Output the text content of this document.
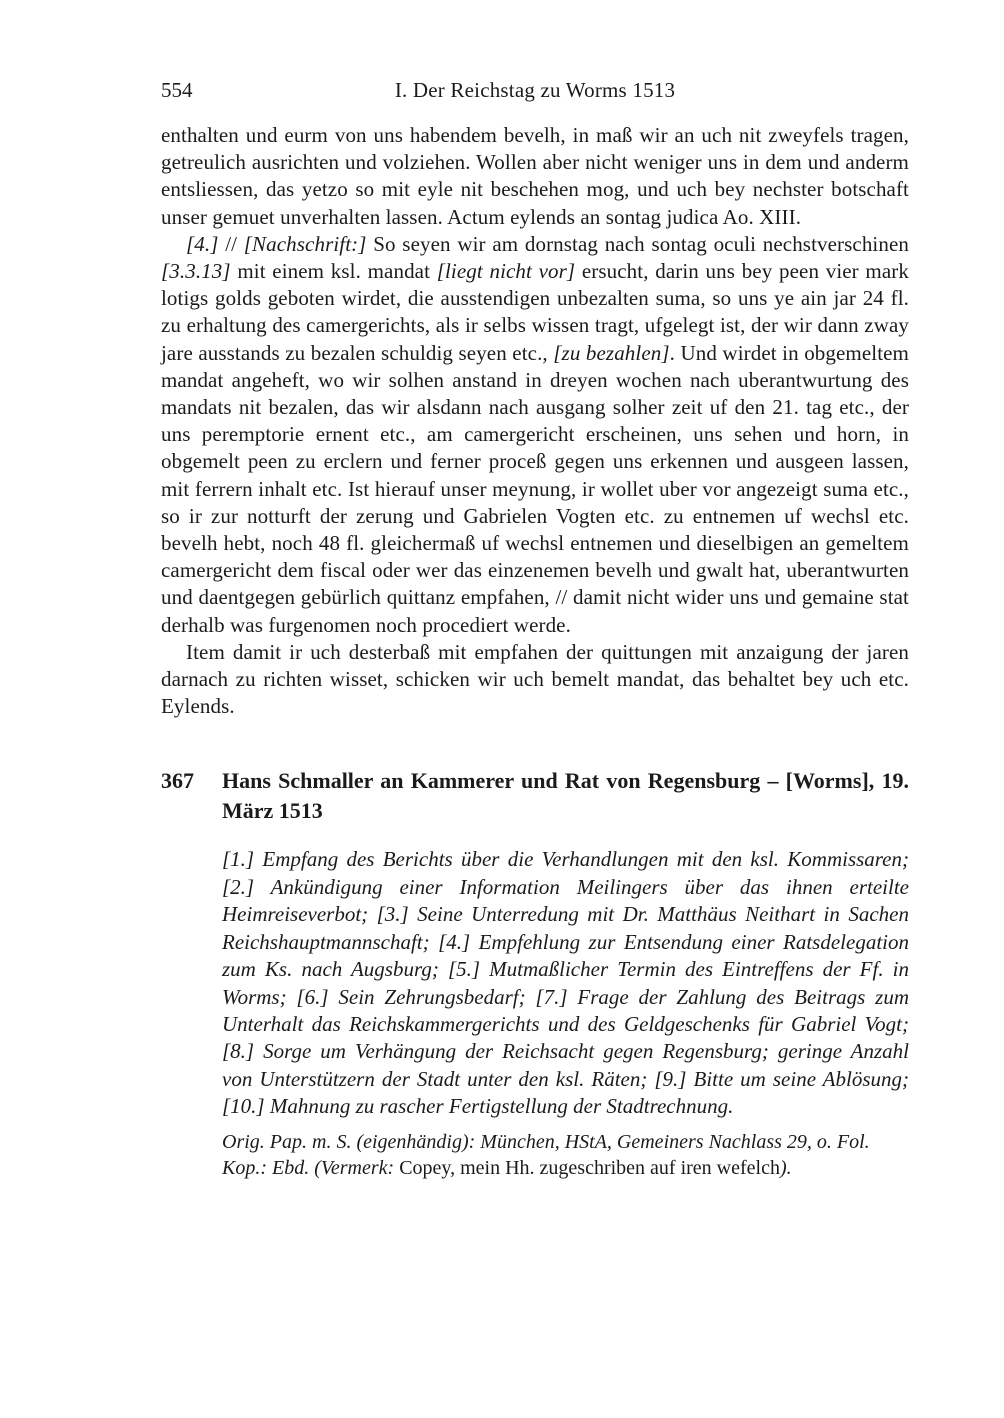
554	I. Der Reichstag zu Worms 1513

enthalten und eurm von uns habendem bevelh, in maß wir an uch nit zweyfels tragen, getreulich ausrichten und volziehen. Wollen aber nicht weniger uns in dem und anderm entsliessen, das yetzo so mit eyle nit beschehen mog, und uch bey nechster botschaft unser gemuet unverhalten lassen. Actum eylends an sontag judica Ao. XIII.

[4.] // [Nachschrift:] So seyen wir am dornstag nach sontag oculi nechstverschinen [3.3.13] mit einem ksl. mandat [liegt nicht vor] ersucht, darin uns bey peen vier mark lotigs golds geboten wirdet, die ausstendigen unbezalten suma, so uns ye ain jar 24 fl. zu erhaltung des camergerichts, als ir selbs wissen tragt, ufgelegt ist, der wir dann zway jare ausstands zu bezalen schuldig seyen etc., [zu bezahlen]. Und wirdet in obgemeltem mandat angeheft, wo wir solhen anstand in dreyen wochen nach uberantwurtung des mandats nit bezalen, das wir alsdann nach ausgang solher zeit uf den 21. tag etc., der uns peremptorie ernent etc., am camergericht erscheinen, uns sehen und horn, in obgemelt peen zu erclern und ferner proceß gegen uns erkennen und ausgeen lassen, mit ferrern inhalt etc. Ist hierauf unser meynung, ir wollet uber vor angezeigt suma etc., so ir zur notturft der zerung und Gabrielen Vogten etc. zu entnemen uf wechsl etc. bevelh hebt, noch 48 fl. gleichermaß uf wechsl entnemen und dieselbigen an gemeltem camergericht dem fiscal oder wer das einzenemen bevelh und gwalt hat, uberantwurten und daentgegen gebürlich quittanz empfahen, // damit nicht wider uns und gemaine stat derhalb was furgenomen noch procediert werde.

Item damit ir uch desterbaß mit empfahen der quittungen mit anzaigung der jaren darnach zu richten wisset, schicken wir uch bemelt mandat, das behaltet bey uch etc. Eylends.

367	Hans Schmaller an Kammerer und Rat von Regensburg – [Worms], 19. März 1513
[1.] Empfang des Berichts über die Verhandlungen mit den ksl. Kommissaren; [2.] Ankündigung einer Information Meilingers über das ihnen erteilte Heimreiseverbot; [3.] Seine Unterredung mit Dr. Matthäus Neithart in Sachen Reichshauptmannschaft; [4.] Empfehlung zur Entsendung einer Ratsdelegation zum Ks. nach Augsburg; [5.] Mutmaßlicher Termin des Eintreffens der Ff. in Worms; [6.] Sein Zehrungsbedarf; [7.] Frage der Zahlung des Beitrags zum Unterhalt das Reichskammergerichts und des Geldgeschenks für Gabriel Vogt; [8.] Sorge um Verhängung der Reichsacht gegen Regensburg; geringe Anzahl von Unterstützern der Stadt unter den ksl. Räten; [9.] Bitte um seine Ablösung; [10.] Mahnung zu rascher Fertigstellung der Stadtrechnung.
Orig. Pap. m. S. (eigenhändig): München, HStA, Gemeiners Nachlass 29, o. Fol.
Kop.: Ebd. (Vermerk: Copey, mein Hh. zugeschriben auf iren wefelch).
